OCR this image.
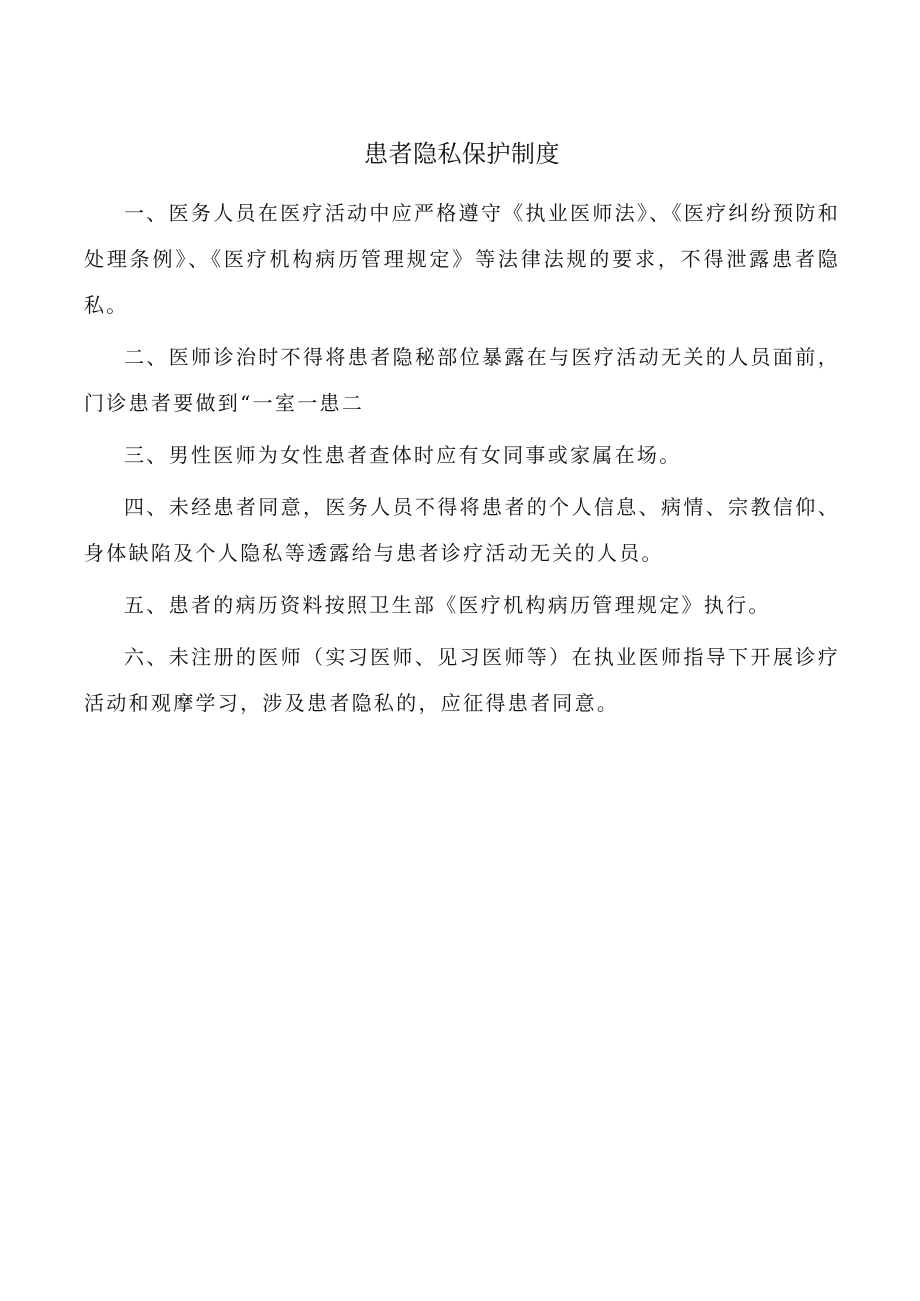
患者隐私保护制度

一、医务人员在医疗活动中应严格遵守《执业医师法》、《医疗纠纷预防和处理条例》、《医疗机构病历管理规定》等法律法规的要求，不得泄露患者隐私。

二、医师诊治时不得将患者隐秘部位暴露在与医疗活动无关的人员面前，门诊患者要做到“一室一患二

三、男性医师为女性患者查体时应有女同事或家属在场。

四、未经患者同意，医务人员不得将患者的个人信息、病情、宗教信仰、身体缺陷及个人隐私等透露给与患者诊疗活动无关的人员。

五、患者的病历资料按照卫生部《医疗机构病历管理规定》执行。

六、未注册的医师（实习医师、见习医师等）在执业医师指导下开展诊疗活动和观摩学习，涉及患者隐私的，应征得患者同意。
